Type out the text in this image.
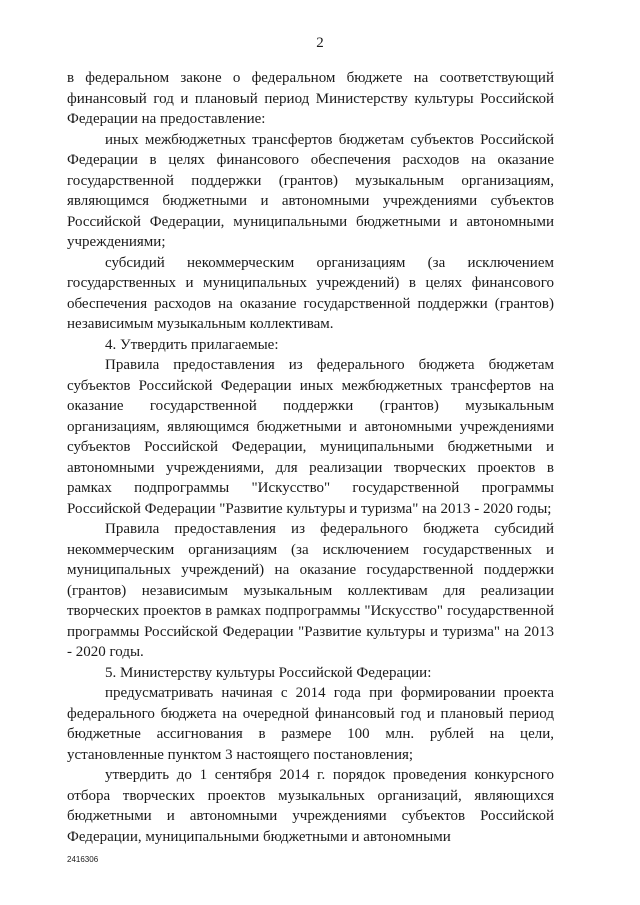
2

в федеральном законе о федеральном бюджете на соответствующий финансовый год и плановый период Министерству культуры Российской Федерации на предоставление:

иных межбюджетных трансфертов бюджетам субъектов Российской Федерации в целях финансового обеспечения расходов на оказание государственной поддержки (грантов) музыкальным организациям, являющимся бюджетными и автономными учреждениями субъектов Российской Федерации, муниципальными бюджетными и автономными учреждениями;

субсидий некоммерческим организациям (за исключением государственных и муниципальных учреждений) в целях финансового обеспечения расходов на оказание государственной поддержки (грантов) независимым музыкальным коллективам.

4. Утвердить прилагаемые:

Правила предоставления из федерального бюджета бюджетам субъектов Российской Федерации иных межбюджетных трансфертов на оказание государственной поддержки (грантов) музыкальным организациям, являющимся бюджетными и автономными учреждениями субъектов Российской Федерации, муниципальными бюджетными и автономными учреждениями, для реализации творческих проектов в рамках подпрограммы "Искусство" государственной программы Российской Федерации "Развитие культуры и туризма" на 2013 - 2020 годы;

Правила предоставления из федерального бюджета субсидий некоммерческим организациям (за исключением государственных и муниципальных учреждений) на оказание государственной поддержки (грантов) независимым музыкальным коллективам для реализации творческих проектов в рамках подпрограммы "Искусство" государственной программы Российской Федерации "Развитие культуры и туризма" на 2013 - 2020 годы.

5. Министерству культуры Российской Федерации:

предусматривать начиная с 2014 года при формировании проекта федерального бюджета на очередной финансовый год и плановый период бюджетные ассигнования в размере 100 млн. рублей на цели, установленные пунктом 3 настоящего постановления;

утвердить до 1 сентября 2014 г. порядок проведения конкурсного отбора творческих проектов музыкальных организаций, являющихся бюджетными и автономными учреждениями субъектов Российской Федерации, муниципальными бюджетными и автономными

2416306
